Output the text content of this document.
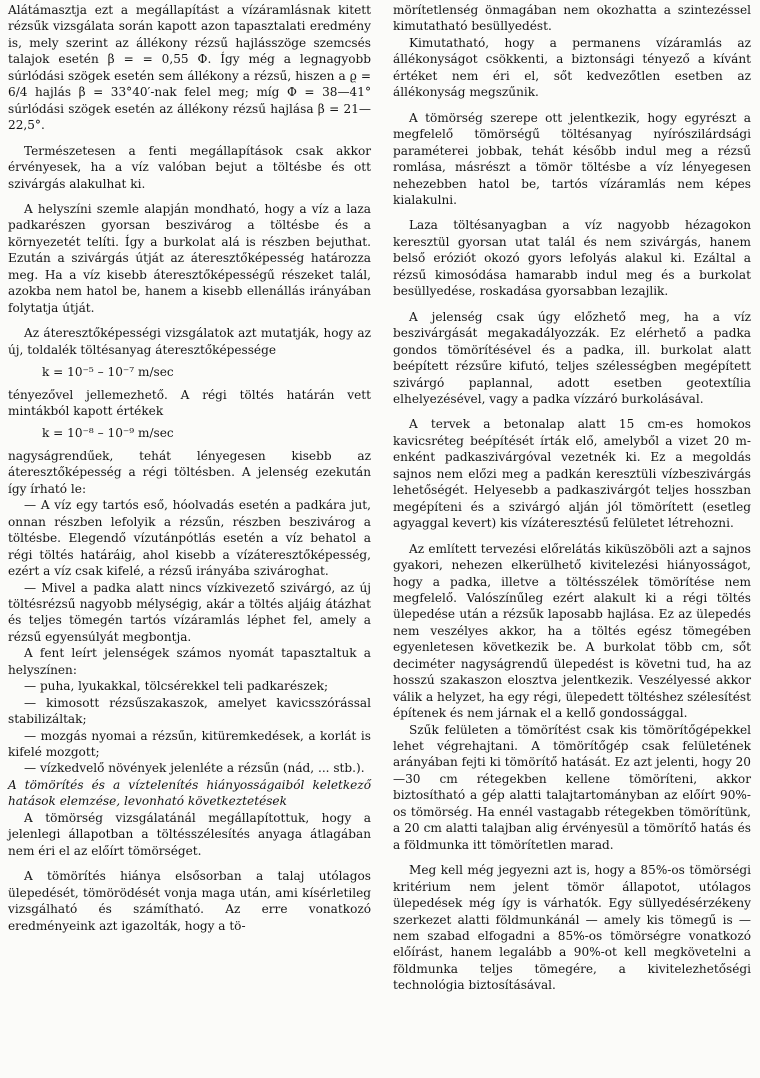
Alátámasztja ezt a megállapítást a vízáramlásnak kitett rézsűk vizsgálata során kapott azon tapasztalati eredmény is, mely szerint az állékony rézsű hajlásszöge szemcsés talajok esetén β = = 0,55 Φ. Így még a legnagyobb súrlódási szögek esetén sem állékony a rézsű, hiszen a ϱ = 6/4 hajlás β = 33°40′-nak felel meg; míg Φ = 38—41° súrlódási szögek esetén az állékony rézsű hajlása β = 21—22,5°.

Természetesen a fenti megállapítások csak akkor érvényesek, ha a víz valóban bejut a töltésbe és ott szivárgás alakulhat ki.

A helyszíni szemle alapján mondható, hogy a víz a laza padkarészen gyorsan beszivárog a töltésbe és a környezetét telíti. Így a burkolat alá is részben bejuthat. Ezután a szivárgás útját az áteresztőképesség határozza meg. Ha a víz kisebb áteresztőképességű részeket talál, azokba nem hatol be, hanem a kisebb ellenállás irányában folytatja útját.

Az áteresztőképességi vizsgálatok azt mutatják, hogy az új, toldalék töltésanyag áteresztőképessége

k = 10⁻⁵ – 10⁻⁷ m/sec

tényezővel jellemezhető. A régi töltés határán vett mintákból kapott értékek

k = 10⁻⁸ – 10⁻⁹ m/sec

nagyságrendűek, tehát lényegesen kisebb az áteresztőképesség a régi töltésben. A jelenség ezekután így írható le:

— A víz egy tartós eső, hóolvadás esetén a padkára jut, onnan részben lefolyik a rézsűn, részben beszivárog a töltésbe. Elegendő vízutánpótlás esetén a víz behatol a régi töltés határáig, ahol kisebb a vízáteresztőképesség, ezért a víz csak kifelé, a rézsű irányába szivároghat.

— Mivel a padka alatt nincs vízkivezető szivárgó, az új töltésrézsű nagyobb mélységig, akár a töltés aljáig átázhat és teljes tömegén tartós vízáramlás léphet fel, amely a rézsű egyensúlyát megbontja.

A fent leírt jelenségek számos nyomát tapasztaltuk a helyszínen:

— puha, lyukakkal, tölcsérekkel teli padkarészek;

— kimosott rézsűszakaszok, amelyet kavicsszórással stabilizáltak;

— mozgás nyomai a rézsűn, kitüremkedések, a korlát is kifelé mozgott;

— vízkedvelő növények jelenléte a rézsűn (nád, ... stb.).

A tömörítés és a víztelenítés hiányosságaiból keletkező hatások elemzése, levonható következtetések

A tömörség vizsgálatánál megállapítottuk, hogy a jelenlegi állapotban a töltésszélesítés anyaga átlagában nem éri el az előírt tömörséget.

A tömörítés hiánya elsősorban a talaj utólagos ülepedését, tömörödését vonja maga után, ami kísérletileg vizsgálható és számítható. Az erre vonatkozó eredményeink azt igazolták, hogy a tö-

mörítetlenség önmagában nem okozhatta a szintezéssel kimutatható besüllyedést.

Kimutatható, hogy a permanens vízáramlás az állékonyságot csökkenti, a biztonsági tényező a kívánt értéket nem éri el, sőt kedvezőtlen esetben az állékonyság megszűnik.

A tömörség szerepe ott jelentkezik, hogy egyrészt a megfelelő tömörségű töltésanyag nyírószilárdsági paraméterei jobbak, tehát később indul meg a rézsű romlása, másrészt a tömör töltésbe a víz lényegesen nehezebben hatol be, tartós vízáramlás nem képes kialakulni.

Laza töltésanyagban a víz nagyobb hézagokon keresztül gyorsan utat talál és nem szivárgás, hanem belső eróziót okozó gyors lefolyás alakul ki. Ezáltal a rézsű kimosódása hamarabb indul meg és a burkolat besüllyedése, roskadása gyorsabban lezajlik.

A jelenség csak úgy előzhető meg, ha a víz beszivárgását megakadályozzák. Ez elérhető a padka gondos tömörítésével és a padka, ill. burkolat alatt beépített rézsűre kifutó, teljes szélességben megépített szivárgó paplannal, adott esetben geotextília elhelyezésével, vagy a padka vízzáró burkolásával.

A tervek a betonalap alatt 15 cm-es homokos kavicsréteg beépítését írták elő, amelyből a vizet 20 m-enként padkaszivárgóval vezetnék ki. Ez a megoldás sajnos nem előzi meg a padkán keresztüli vízbeszivárgás lehetőségét. Helyesebb a padkaszivárgót teljes hosszban megépíteni és a szivárgó alján jól tömörített (esetleg agyaggal kevert) kis vízáteresztésű felületet létrehozni.

Az említett tervezési előrelátás kiküszöböli azt a sajnos gyakori, nehezen elkerülhető kivitelezési hiányosságot, hogy a padka, illetve a töltésszélek tömörítése nem megfelelő. Valószínűleg ezért alakult ki a régi töltés ülepedése után a rézsűk laposabb hajlása. Ez az ülepedés nem veszélyes akkor, ha a töltés egész tömegében egyenletesen következik be. A burkolat több cm, sőt deciméter nagyságrendű ülepedést is követni tud, ha az hosszú szakaszon elosztva jelentkezik. Veszélyessé akkor válik a helyzet, ha egy régi, ülepedett töltéshez szélesítést építenek és nem járnak el a kellő gondossággal.

Szűk felületen a tömörítést csak kis tömörítőgépekkel lehet végrehajtani. A tömörítőgép csak felületének arányában fejti ki tömörítő hatását. Ez azt jelenti, hogy 20—30 cm rétegekben kellene tömöríteni, akkor biztosítható a gép alatti talajtartományban az előírt 90%-os tömörség. Ha ennél vastagabb rétegekben tömörítünk, a 20 cm alatti talajban alig érvényesül a tömörítő hatás és a földmunka itt tömörítetlen marad.

Meg kell még jegyezni azt is, hogy a 85%-os tömörségi kritérium nem jelent tömör állapotot, utólagos ülepedések még így is várhatók. Egy süllyedésérzékeny szerkezet alatti földmunkánál — amely kis tömegű is — nem szabad elfogadni a 85%-os tömörségre vonatkozó előírást, hanem legalább a 90%-ot kell megkövetelni a földmunka teljes tömegére, a kivitelezhetőségi technológia biztosításával.
